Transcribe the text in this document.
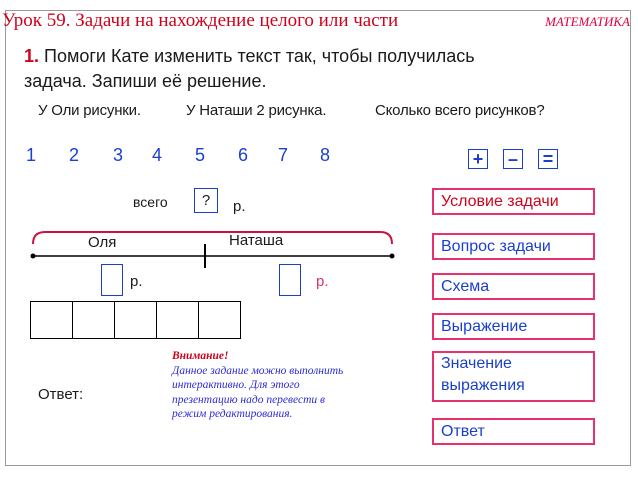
Урок 59. Задачи на нахождение целого или части	МАТЕМАТИКА
1. Помоги Кате изменить текст так, чтобы получилась
задача. Запиши её решение.
У Оли рисунки.	У Наташи 2 рисунка.	Сколько всего рисунков?
1 2 3 4 5 6 7 8	+ – =
всего	?	р.
Оля	Наташа
р.	р.
Условие задачи
Вопрос задачи
Схема
Выражение
Значение
выражения
Ответ
Внимание!
Данное задание можно выполнить
интерактивно. Для этого
презентацию надо перевести в
режим редактирования.
Ответ:
